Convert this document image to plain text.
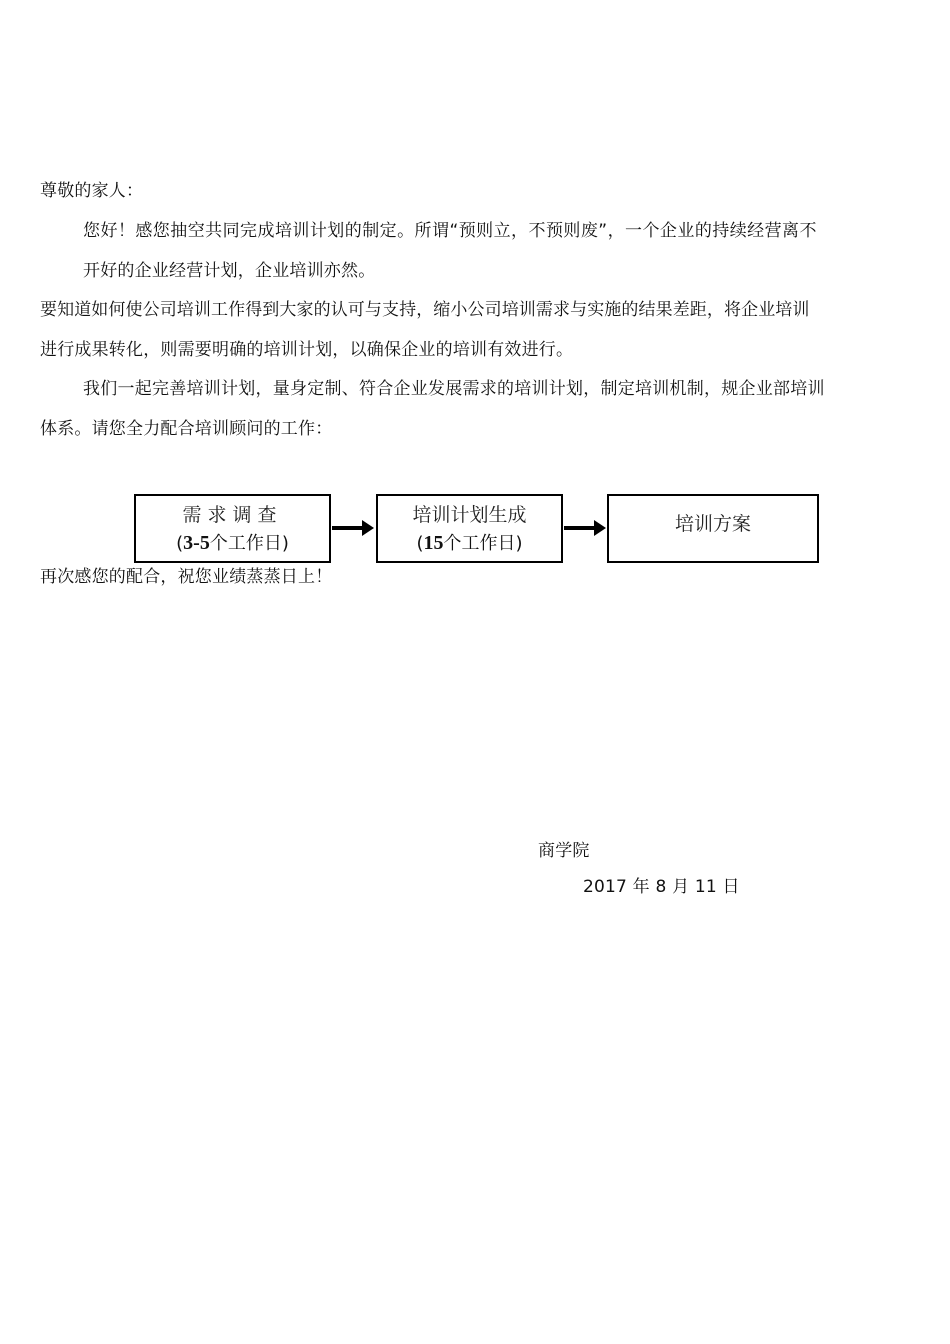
尊敬的家人：
您好！感您抽空共同完成培训计划的制定。所谓“预则立，不预则废”，一个企业的持续经营离不
开好的企业经营计划，企业培训亦然。
要知道如何使公司培训工作得到大家的认可与支持，缩小公司培训需求与实施的结果差距，将企业培训
进行成果转化，则需要明确的培训计划，以确保企业的培训有效进行。
我们一起完善培训计划，量身定制、符合企业发展需求的培训计划，制定培训机制，规企业部培训
体系。请您全力配合培训顾问的工作：
需求调查
(3-5个工作日)
培训计划生成
(15个工作日)
培训方案
再次感您的配合，祝您业绩蒸蒸日上！
商学院
2017 年 8 月 11 日
